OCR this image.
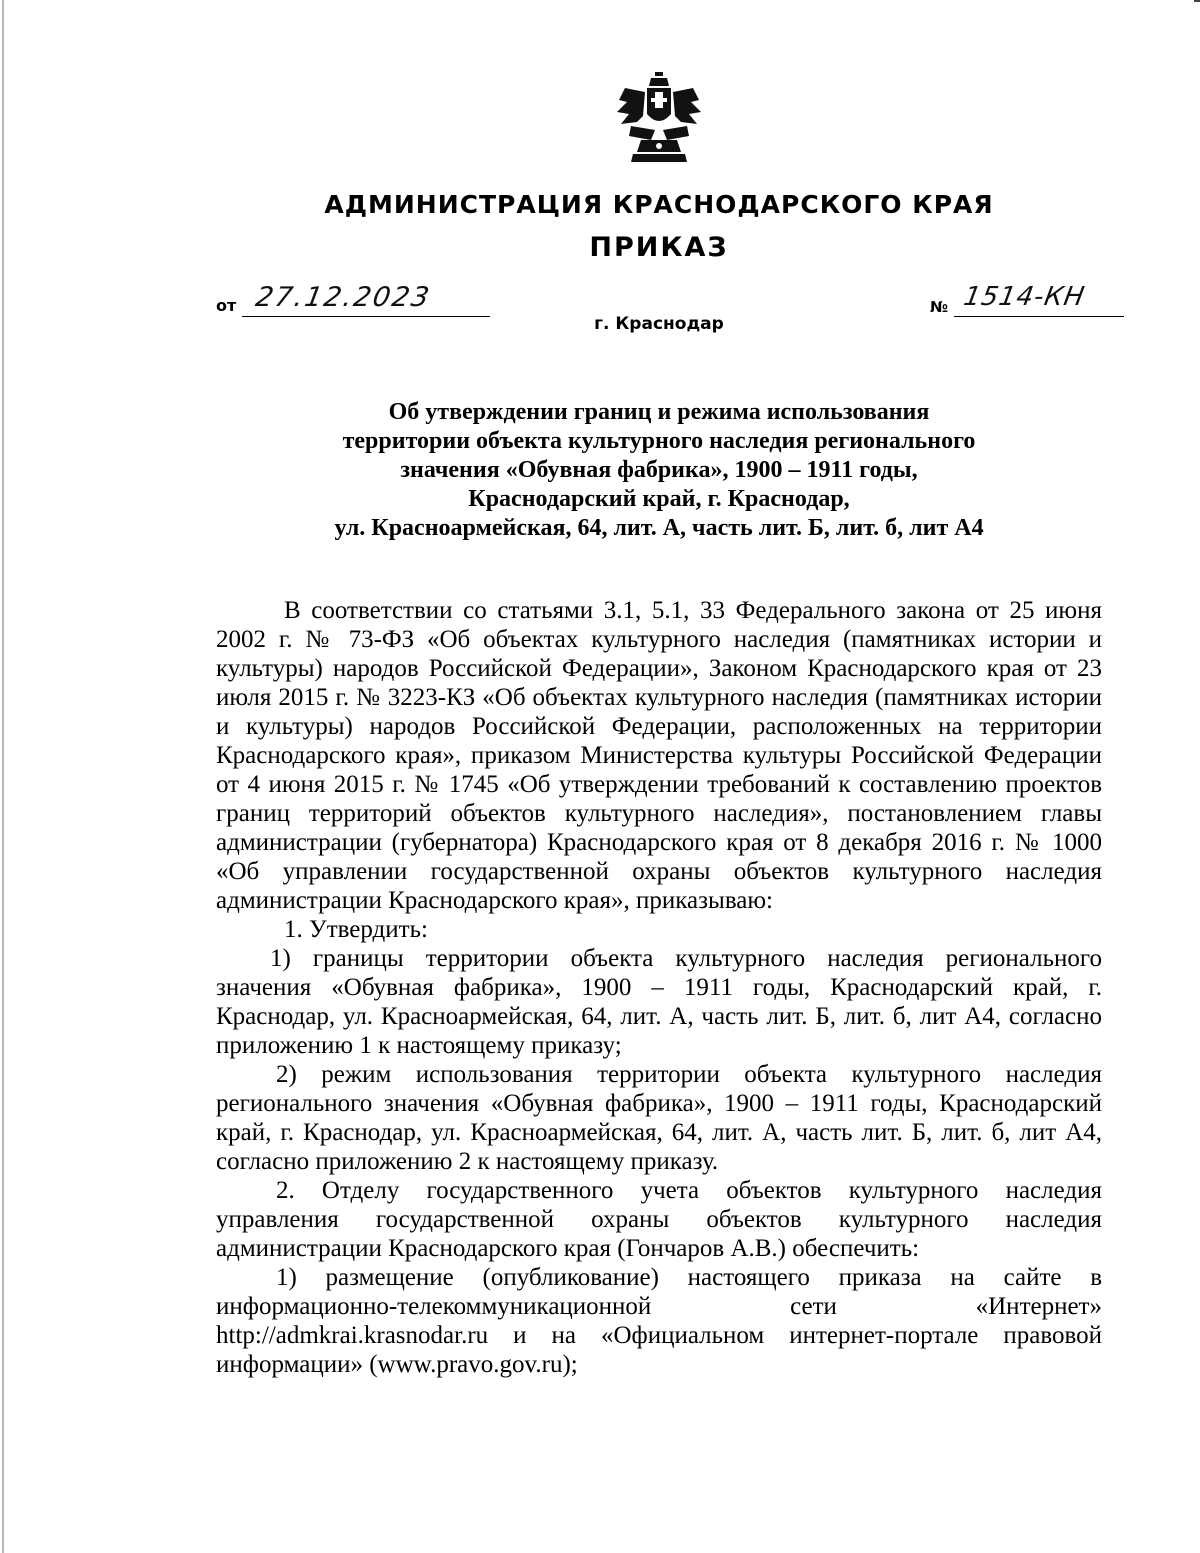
АДМИНИСТРАЦИЯ КРАСНОДАРСКОГО КРАЯ
ПРИКАЗ
от 27.12.2023
г. Краснодар
№ 1514-КН
Об утверждении границ и режима использования
территории объекта культурного наследия регионального
значения «Обувная фабрика», 1900 – 1911 годы,
Краснодарский край, г. Краснодар,
ул. Красноармейская, 64, лит. А, часть лит. Б, лит. б, лит А4

В соответствии со статьями 3.1, 5.1, 33 Федерального закона от 25 июня 2002 г. № 73-ФЗ «Об объектах культурного наследия (памятниках истории и культуры) народов Российской Федерации», Законом Краснодарского края от 23 июля 2015 г. № 3223-КЗ «Об объектах культурного наследия (памятниках истории и культуры) народов Российской Федерации, расположенных на территории Краснодарского края», приказом Министерства культуры Российской Федерации от 4 июня 2015 г. № 1745 «Об утверждении требований к составлению проектов границ территорий объектов культурного наследия», постановлением главы администрации (губернатора) Краснодарского края от 8 декабря 2016 г. № 1000 «Об управлении государственной охраны объектов культурного наследия администрации Краснодарского края», приказываю:

1. Утвердить:

1) границы территории объекта культурного наследия регионального значения «Обувная фабрика», 1900 – 1911 годы, Краснодарский край, г. Краснодар, ул. Красноармейская, 64, лит. А, часть лит. Б, лит. б, лит А4, согласно приложению 1 к настоящему приказу;

2) режим использования территории объекта культурного наследия регионального значения «Обувная фабрика», 1900 – 1911 годы, Краснодарский край, г. Краснодар, ул. Красноармейская, 64, лит. А, часть лит. Б, лит. б, лит А4, согласно приложению 2 к настоящему приказу.

2. Отделу государственного учета объектов культурного наследия управления государственной охраны объектов культурного наследия администрации Краснодарского края (Гончаров А.В.) обеспечить:

1) размещение (опубликование) настоящего приказа на сайте в информационно-телекоммуникационной сети «Интернет» http://admkrai.krasnodar.ru и на «Официальном интернет-портале правовой информации» (www.pravo.gov.ru);
